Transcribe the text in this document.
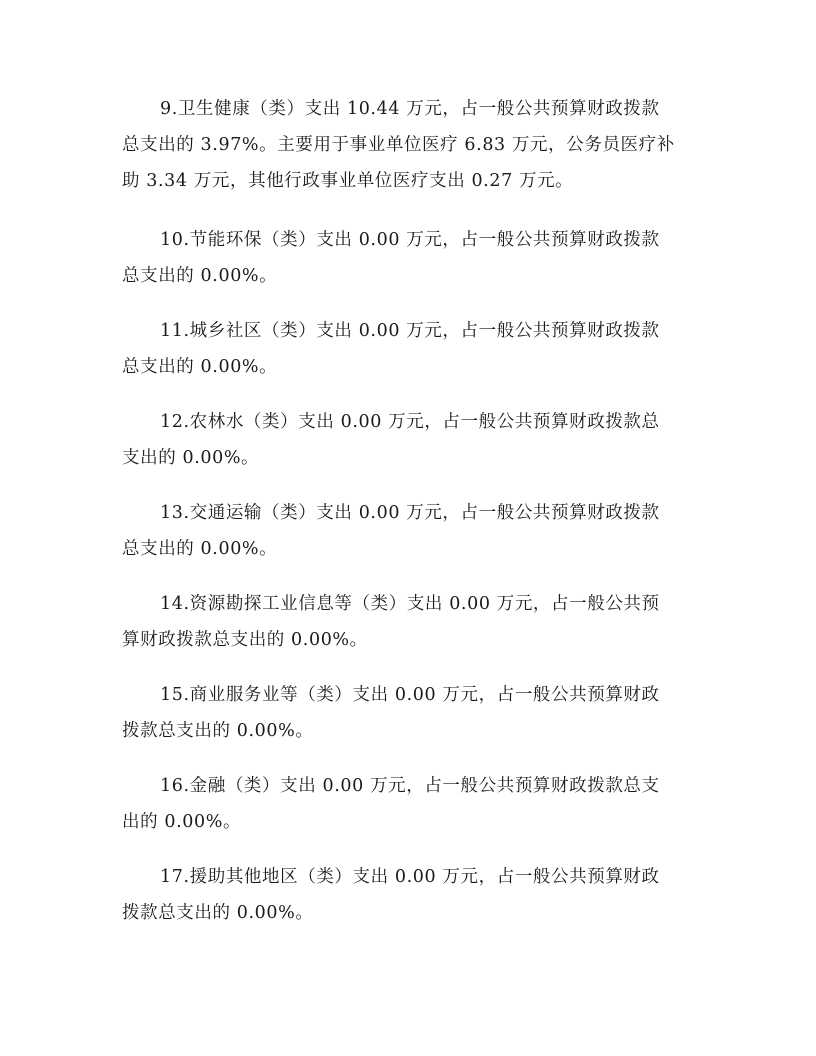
9.卫生健康（类）支出 10.44 万元，占一般公共预算财政拨款
总支出的 3.97%。主要用于事业单位医疗 6.83 万元，公务员医疗补
助 3.34 万元，其他行政事业单位医疗支出 0.27 万元。

10.节能环保（类）支出 0.00 万元，占一般公共预算财政拨款
总支出的 0.00%。

11.城乡社区（类）支出 0.00 万元，占一般公共预算财政拨款
总支出的 0.00%。

12.农林水（类）支出 0.00 万元，占一般公共预算财政拨款总
支出的 0.00%。

13.交通运输（类）支出 0.00 万元，占一般公共预算财政拨款
总支出的 0.00%。

14.资源勘探工业信息等（类）支出 0.00 万元，占一般公共预
算财政拨款总支出的 0.00%。

15.商业服务业等（类）支出 0.00 万元，占一般公共预算财政
拨款总支出的 0.00%。

16.金融（类）支出 0.00 万元，占一般公共预算财政拨款总支
出的 0.00%。

17.援助其他地区（类）支出 0.00 万元，占一般公共预算财政
拨款总支出的 0.00%。
